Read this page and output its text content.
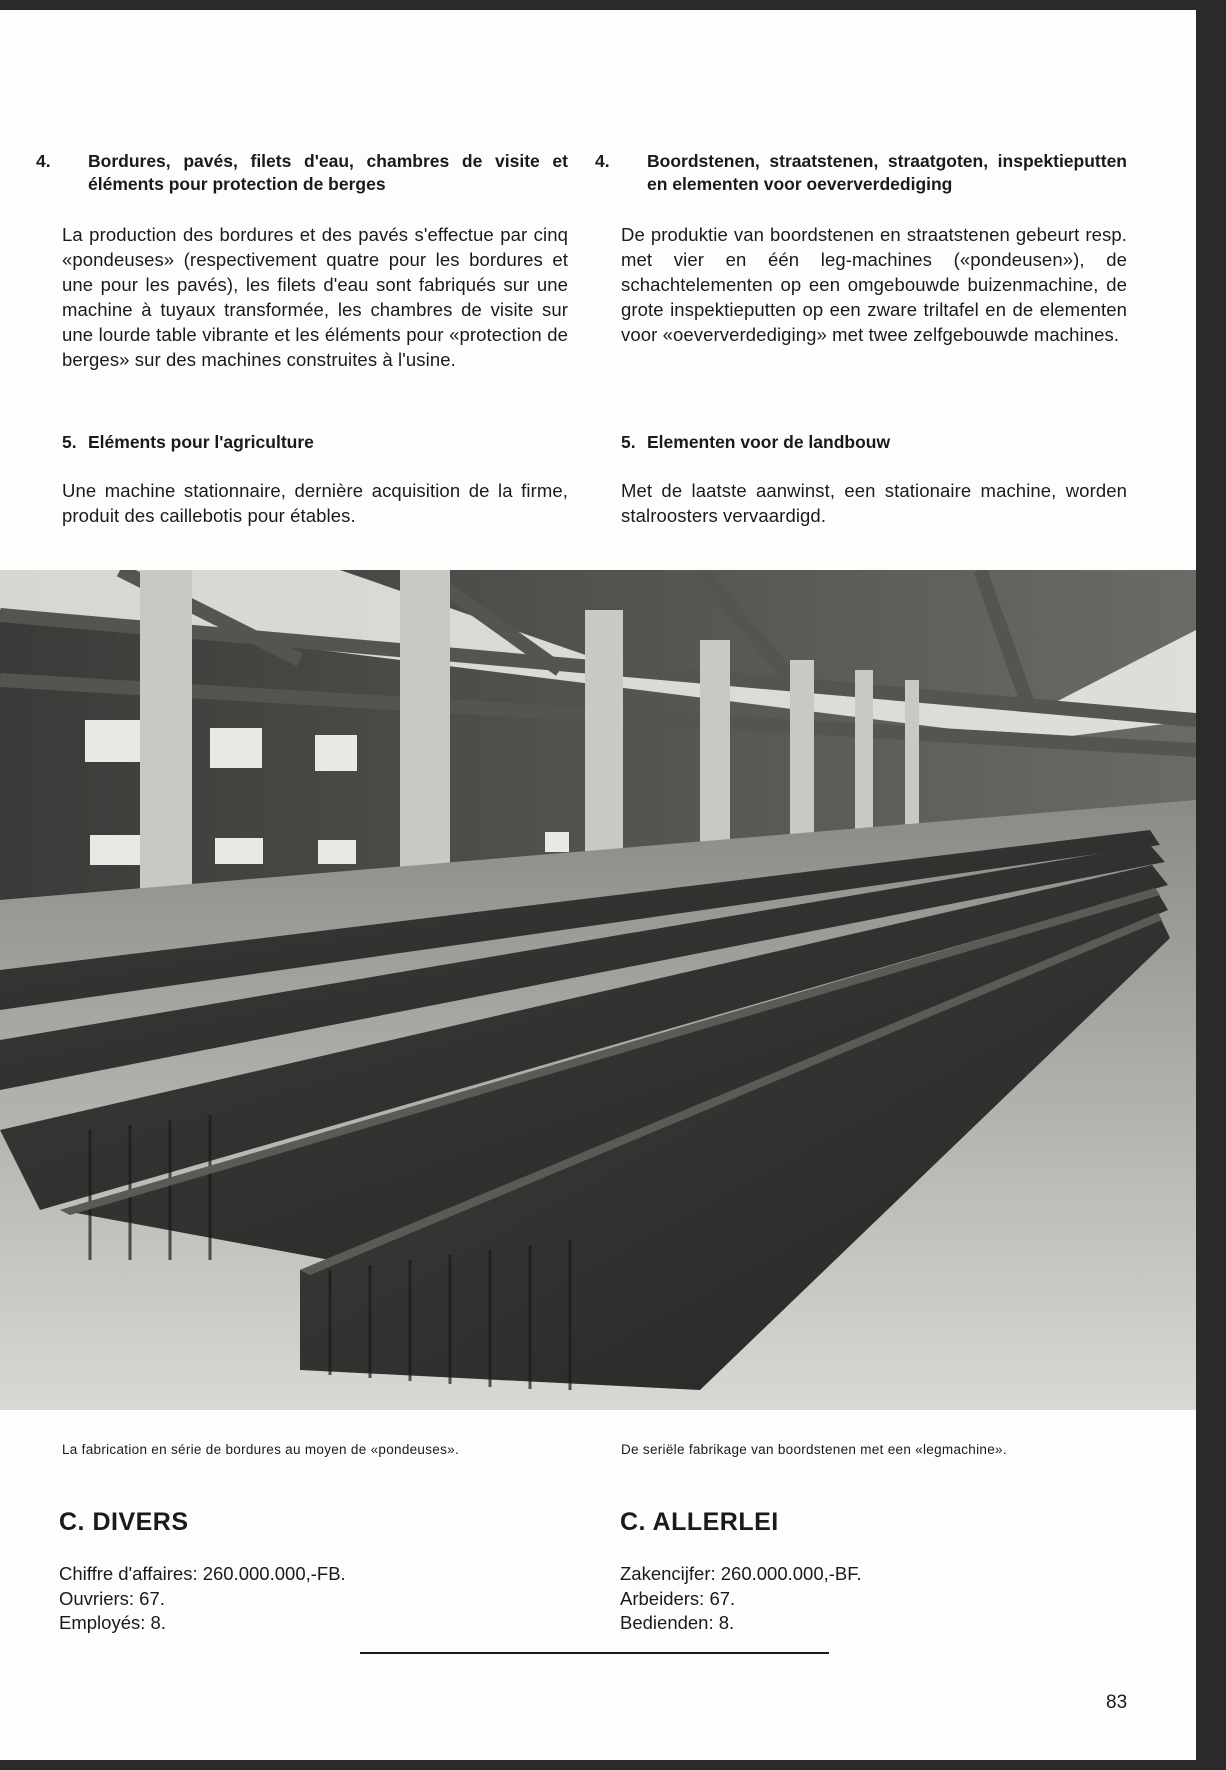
4. Bordures, pavés, filets d'eau, chambres de visite et éléments pour protection de berges

La production des bordures et des pavés s'effectue par cinq «pondeuses» (respectivement quatre pour les bordures et une pour les pavés), les filets d'eau sont fabriqués sur une machine à tuyaux transformée, les chambres de visite sur une lourde table vibrante et les éléments pour «protection de berges» sur des machines construites à l'usine.

5. Eléments pour l'agriculture

Une machine stationnaire, dernière acquisition de la firme, produit des caillebotis pour étables.

4. Boordstenen, straatstenen, straatgoten, inspektieputten en elementen voor oeververdediging

De produktie van boordstenen en straatstenen gebeurt resp. met vier en één leg-machines («pondeusen»), de schachtelementen op een omgebouwde buizenmachine, de grote inspektieputten op een zware triltafel en de elementen voor «oeververdediging» met twee zelfgebouwde machines.

5. Elementen voor de landbouw

Met de laatste aanwinst, een stationaire machine, worden stalroosters vervaardigd.

La fabrication en série de bordures au moyen de «pondeuses».	De seriële fabrikage van boordstenen met een «legmachine».
C. DIVERS	C. ALLERLEI
Chiffre d'affaires: 260.000.000,-FB.
Ouvriers: 67.
Employés: 8.
Zakencijfer: 260.000.000,-BF.
Arbeiders: 67.
Bedienden: 8.
83
